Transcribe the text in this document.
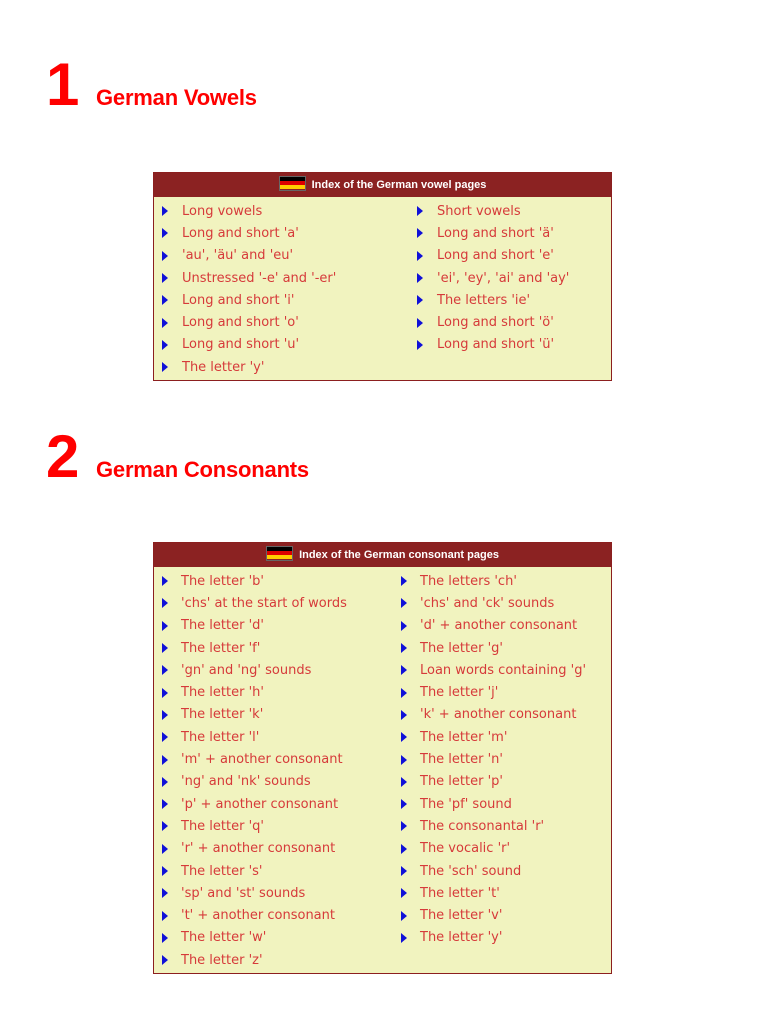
1 German Vowels
Index of the German vowel pages
Long vowels
Long and short 'a'
'au', 'äu' and 'eu'
Unstressed '-e' and '-er'
Long and short 'i'
Long and short 'o'
Long and short 'u'
The letter 'y'
Short vowels
Long and short 'ä'
Long and short 'e'
'ei', 'ey', 'ai' and 'ay'
The letters 'ie'
Long and short 'ö'
Long and short 'ü'
2 German Consonants
Index of the German consonant pages
The letter 'b'
'chs' at the start of words
The letter 'd'
The letter 'f'
'gn' and 'ng' sounds
The letter 'h'
The letter 'k'
The letter 'l'
'm' + another consonant
'ng' and 'nk' sounds
'p' + another consonant
The letter 'q'
'r' + another consonant
The letter 's'
'sp' and 'st' sounds
't' + another consonant
The letter 'w'
The letter 'z'
The letters 'ch'
'chs' and 'ck' sounds
'd' + another consonant
The letter 'g'
Loan words containing 'g'
The letter 'j'
'k' + another consonant
The letter 'm'
The letter 'n'
The letter 'p'
The 'pf' sound
The consonantal 'r'
The vocalic 'r'
The 'sch' sound
The letter 't'
The letter 'v'
The letter 'y'
